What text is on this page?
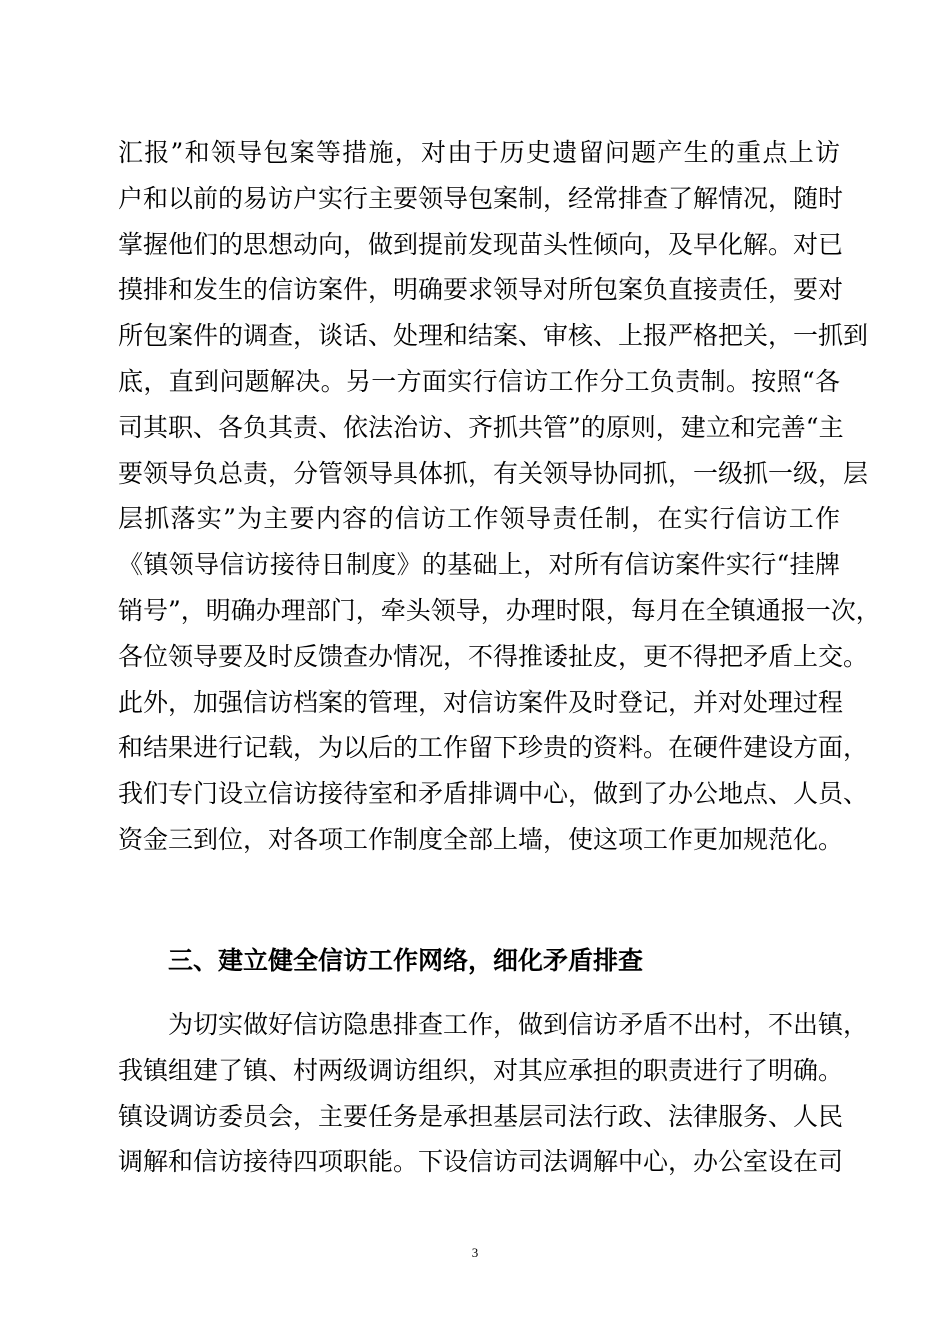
汇报”和领导包案等措施，对由于历史遗留问题产生的重点上访
户和以前的易访户实行主要领导包案制，经常排查了解情况，随时
掌握他们的思想动向，做到提前发现苗头性倾向，及早化解。对已
摸排和发生的信访案件，明确要求领导对所包案负直接责任，要对
所包案件的调查，谈话、处理和结案、审核、上报严格把关，一抓到
底，直到问题解决。另一方面实行信访工作分工负责制。按照“各
司其职、各负其责、依法治访、齐抓共管”的原则，建立和完善“主
要领导负总责，分管领导具体抓，有关领导协同抓，一级抓一级，层
层抓落实”为主要内容的信访工作领导责任制，在实行信访工作
《镇领导信访接待日制度》的基础上，对所有信访案件实行“挂牌
销号”，明确办理部门，牵头领导，办理时限，每月在全镇通报一次，
各位领导要及时反馈查办情况，不得推诿扯皮，更不得把矛盾上交。
此外，加强信访档案的管理，对信访案件及时登记，并对处理过程
和结果进行记载，为以后的工作留下珍贵的资料。在硬件建设方面，
我们专门设立信访接待室和矛盾排调中心，做到了办公地点、人员、
资金三到位，对各项工作制度全部上墙，使这项工作更加规范化。
三、建立健全信访工作网络，细化矛盾排查
为切实做好信访隐患排查工作，做到信访矛盾不出村，不出镇，
我镇组建了镇、村两级调访组织，对其应承担的职责进行了明确。
镇设调访委员会，主要任务是承担基层司法行政、法律服务、人民
调解和信访接待四项职能。下设信访司法调解中心，办公室设在司
3
